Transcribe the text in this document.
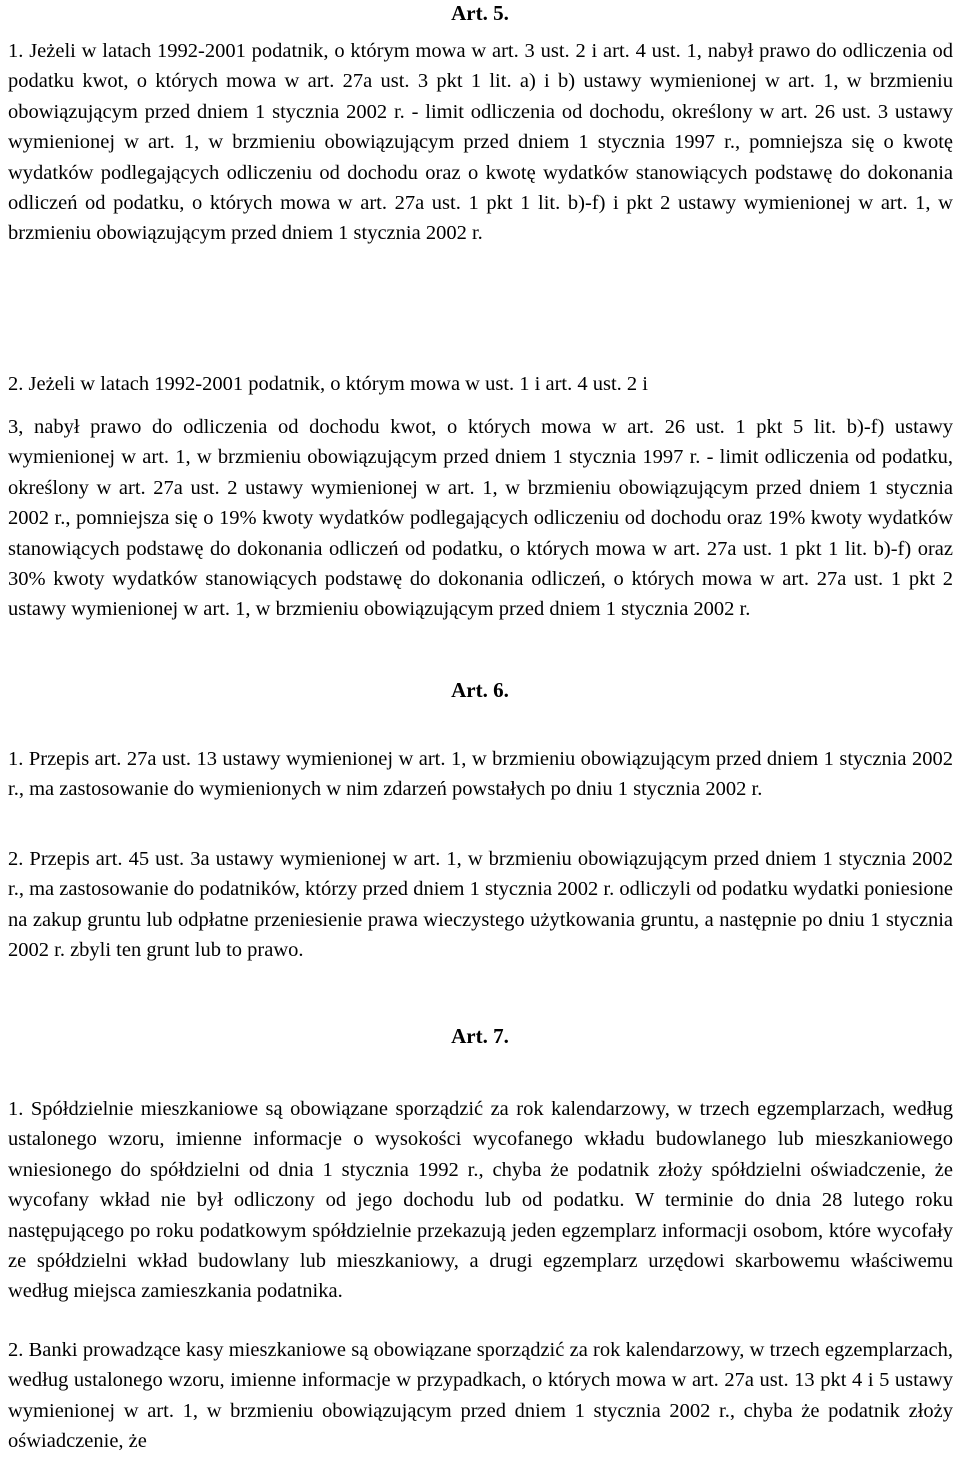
Art. 5.

1. Jeżeli w latach 1992-2001 podatnik, o którym mowa w art. 3 ust. 2 i art. 4 ust. 1, nabył prawo do odliczenia od podatku kwot, o których mowa w art. 27a ust. 3 pkt 1 lit. a) i b) ustawy wymienionej w art. 1, w brzmieniu obowiązującym przed dniem 1 stycznia 2002 r. - limit odliczenia od dochodu, określony w art. 26 ust. 3 ustawy wymienionej w art. 1, w brzmieniu obowiązującym przed dniem 1 stycznia 1997 r., pomniejsza się o kwotę wydatków podlegających odliczeniu od dochodu oraz o kwotę wydatków stanowiących podstawę do dokonania odliczeń od podatku, o których mowa w art. 27a ust. 1 pkt 1 lit. b)-f) i pkt 2 ustawy wymienionej w art. 1, w brzmieniu obowiązującym przed dniem 1 stycznia 2002 r.

2. Jeżeli w latach 1992-2001 podatnik, o którym mowa w ust. 1 i art. 4 ust. 2 i

3, nabył prawo do odliczenia od dochodu kwot, o których mowa w art. 26 ust. 1 pkt 5 lit. b)-f) ustawy wymienionej w art. 1, w brzmieniu obowiązującym przed dniem 1 stycznia 1997 r. - limit odliczenia od podatku, określony w art. 27a ust. 2 ustawy wymienionej w art. 1, w brzmieniu obowiązującym przed dniem 1 stycznia 2002 r., pomniejsza się o 19% kwoty wydatków podlegających odliczeniu od dochodu oraz 19% kwoty wydatków stanowiących podstawę do dokonania odliczeń od podatku, o których mowa w art. 27a ust. 1 pkt 1 lit. b)-f) oraz 30% kwoty wydatków stanowiących podstawę do dokonania odliczeń, o których mowa w art. 27a ust. 1 pkt 2 ustawy wymienionej w art. 1, w brzmieniu obowiązującym przed dniem 1 stycznia 2002 r.

Art. 6.

1. Przepis art. 27a ust. 13 ustawy wymienionej w art. 1, w brzmieniu obowiązującym przed dniem 1 stycznia 2002 r., ma zastosowanie do wymienionych w nim zdarzeń powstałych po dniu 1 stycznia 2002 r.

2. Przepis art. 45 ust. 3a ustawy wymienionej w art. 1, w brzmieniu obowiązującym przed dniem 1 stycznia 2002 r., ma zastosowanie do podatników, którzy przed dniem 1 stycznia 2002 r. odliczyli od podatku wydatki poniesione na zakup gruntu lub odpłatne przeniesienie prawa wieczystego użytkowania gruntu, a następnie po dniu 1 stycznia 2002 r. zbyli ten grunt lub to prawo.

Art. 7.

1. Spółdzielnie mieszkaniowe są obowiązane sporządzić za rok kalendarzowy, w trzech egzemplarzach, według ustalonego wzoru, imienne informacje o wysokości wycofanego wkładu budowlanego lub mieszkaniowego wniesionego do spółdzielni od dnia 1 stycznia 1992 r., chyba że podatnik złoży spółdzielni oświadczenie, że wycofany wkład nie był odliczony od jego dochodu lub od podatku. W terminie do dnia 28 lutego roku następującego po roku podatkowym spółdzielnie przekazują jeden egzemplarz informacji osobom, które wycofały ze spółdzielni wkład budowlany lub mieszkaniowy, a drugi egzemplarz urzędowi skarbowemu właściwemu według miejsca zamieszkania podatnika.

2. Banki prowadzące kasy mieszkaniowe są obowiązane sporządzić za rok kalendarzowy, w trzech egzemplarzach, według ustalonego wzoru, imienne informacje w przypadkach, o których mowa w art. 27a ust. 13 pkt 4 i 5 ustawy wymienionej w art. 1, w brzmieniu obowiązującym przed dniem 1 stycznia 2002 r., chyba że podatnik złoży oświadczenie, że
